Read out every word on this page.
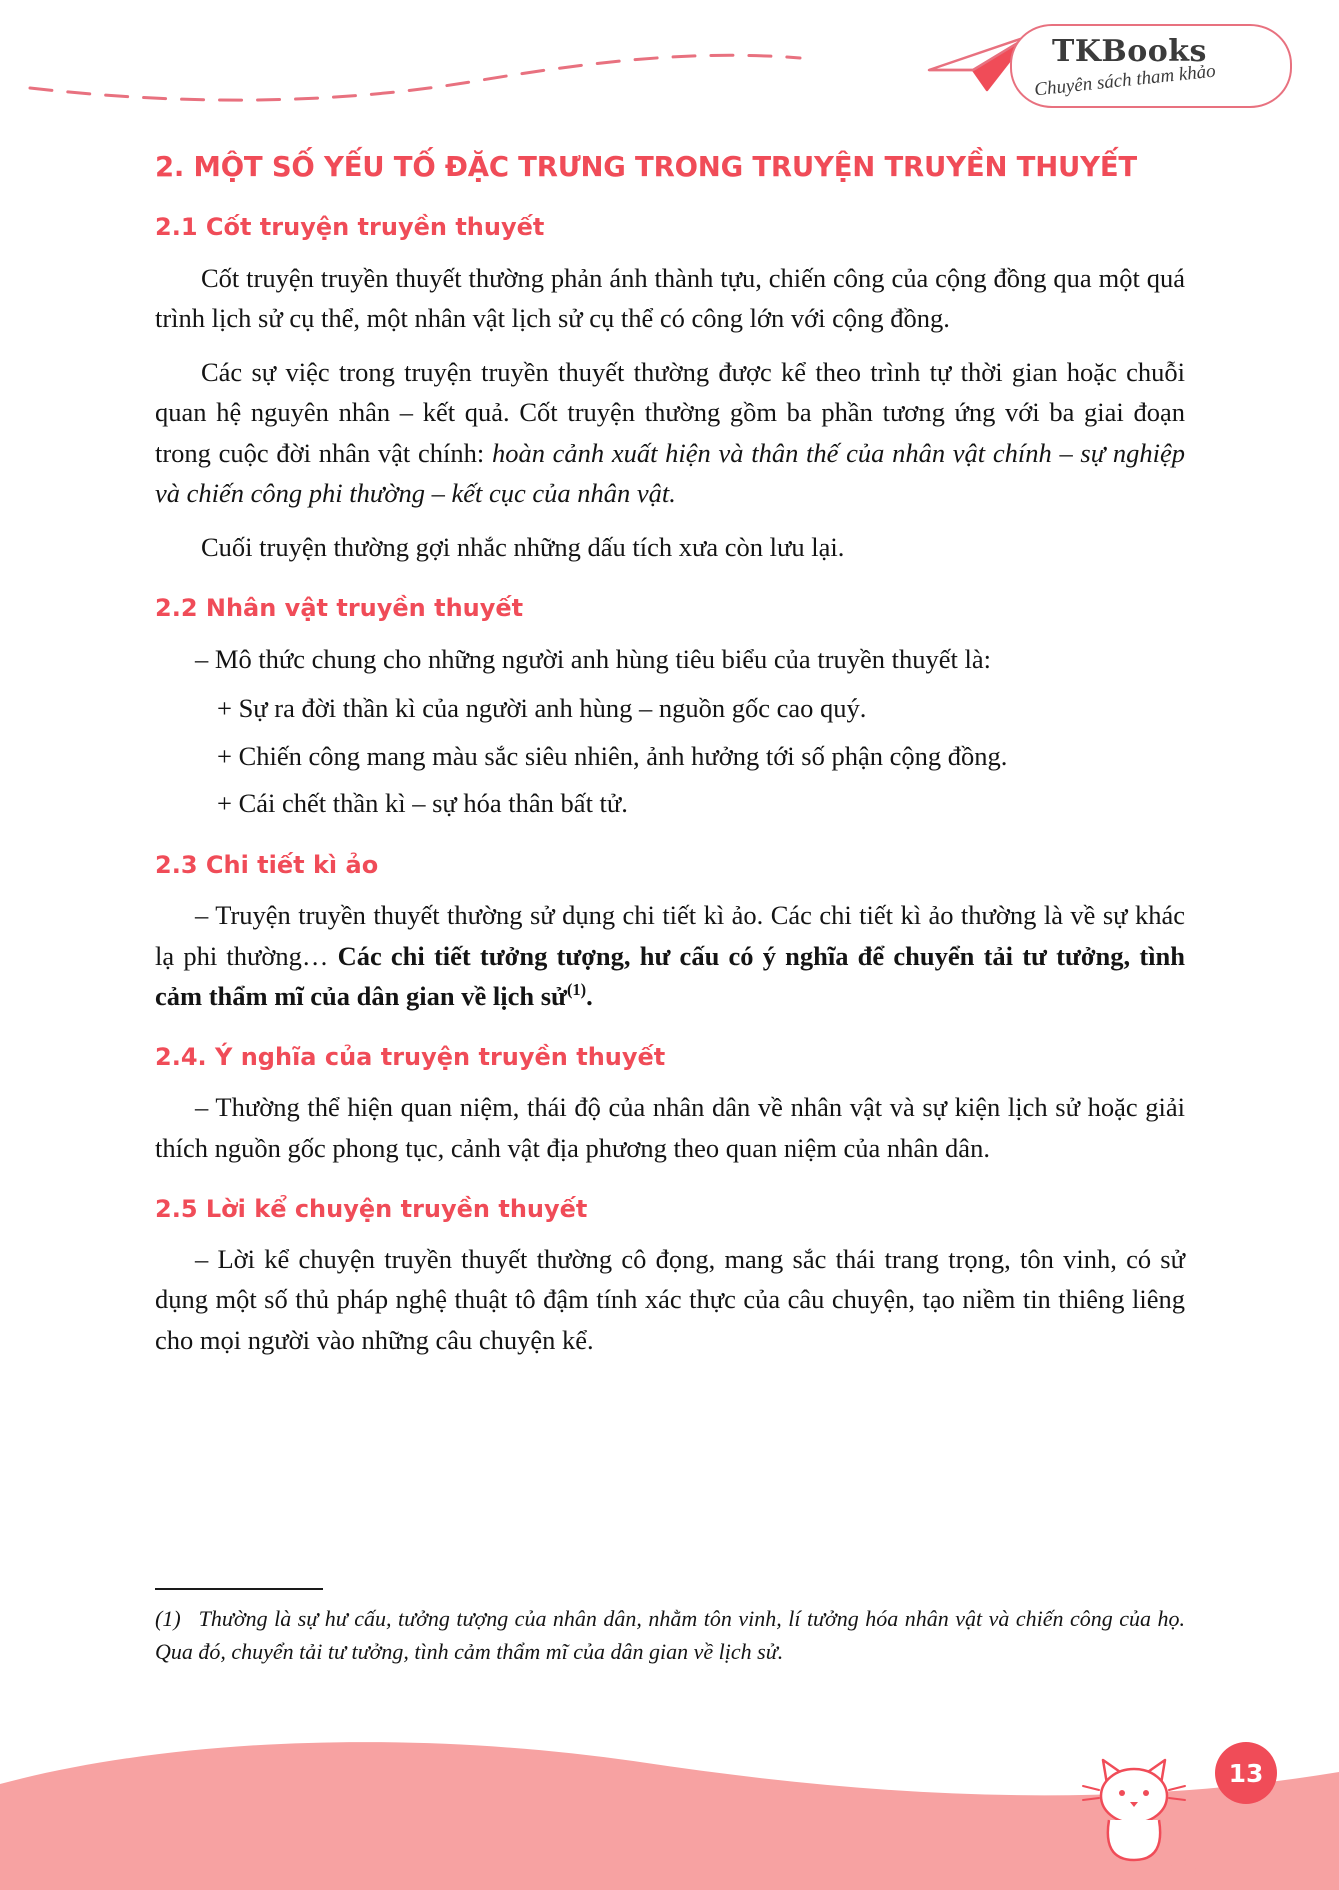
TKBooks
Chuyên sách tham khảo
2. MỘT SỐ YẾU TỐ ĐẶC TRƯNG TRONG TRUYỆN TRUYỀN THUYẾT
2.1 Cốt truyện truyền thuyết

Cốt truyện truyền thuyết thường phản ánh thành tựu, chiến công của cộng đồng qua một quá trình lịch sử cụ thể, một nhân vật lịch sử cụ thể có công lớn với cộng đồng.

Các sự việc trong truyện truyền thuyết thường được kể theo trình tự thời gian hoặc chuỗi quan hệ nguyên nhân – kết quả. Cốt truyện thường gồm ba phần tương ứng với ba giai đoạn trong cuộc đời nhân vật chính: hoàn cảnh xuất hiện và thân thế của nhân vật chính – sự nghiệp và chiến công phi thường – kết cục của nhân vật.

Cuối truyện thường gợi nhắc những dấu tích xưa còn lưu lại.

2.2 Nhân vật truyền thuyết

– Mô thức chung cho những người anh hùng tiêu biểu của truyền thuyết là:

+ Sự ra đời thần kì của người anh hùng – nguồn gốc cao quý.

+ Chiến công mang màu sắc siêu nhiên, ảnh hưởng tới số phận cộng đồng.

+ Cái chết thần kì – sự hóa thân bất tử.

2.3 Chi tiết kì ảo

– Truyện truyền thuyết thường sử dụng chi tiết kì ảo. Các chi tiết kì ảo thường là về sự khác lạ phi thường… Các chi tiết tưởng tượng, hư cấu có ý nghĩa để chuyển tải tư tưởng, tình cảm thẩm mĩ của dân gian về lịch sử$^{(1)}$.

2.4. Ý nghĩa của truyện truyền thuyết

– Thường thể hiện quan niệm, thái độ của nhân dân về nhân vật và sự kiện lịch sử hoặc giải thích nguồn gốc phong tục, cảnh vật địa phương theo quan niệm của nhân dân.

2.5 Lời kể chuyện truyền thuyết

– Lời kể chuyện truyền thuyết thường cô đọng, mang sắc thái trang trọng, tôn vinh, có sử dụng một số thủ pháp nghệ thuật tô đậm tính xác thực của câu chuyện, tạo niềm tin thiêng liêng cho mọi người vào những câu chuyện kể.

(1) Thường là sự hư cấu, tưởng tượng của nhân dân, nhằm tôn vinh, lí tưởng hóa nhân vật và chiến công của họ. Qua đó, chuyển tải tư tưởng, tình cảm thẩm mĩ của dân gian về lịch sử.

13
